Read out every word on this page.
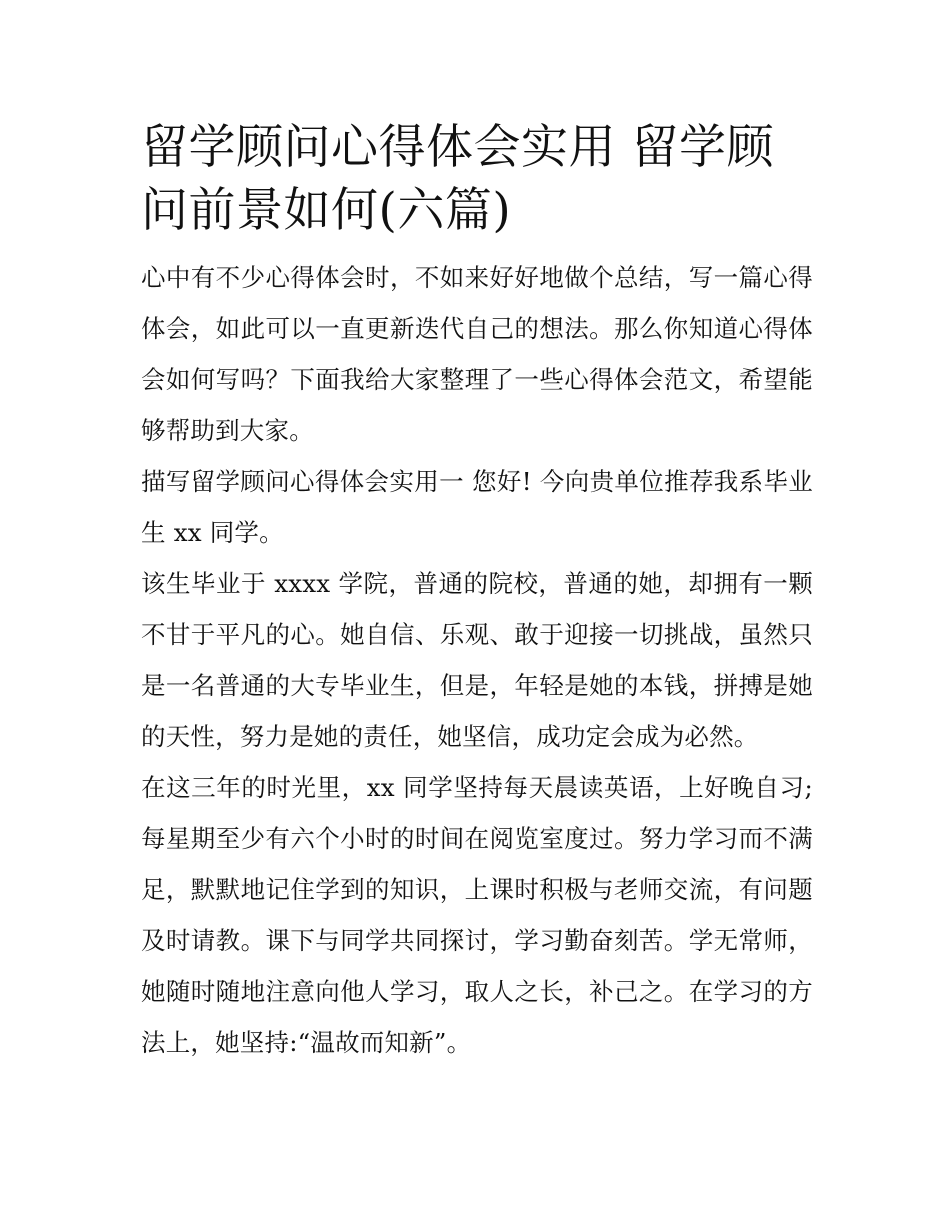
留学顾问心得体会实用 留学顾问前景如何(六篇)

心中有不少心得体会时，不如来好好地做个总结，写一篇心得体会，如此可以一直更新迭代自己的想法。那么你知道心得体会如何写吗？下面我给大家整理了一些心得体会范文，希望能够帮助到大家。

描写留学顾问心得体会实用一 您好! 今向贵单位推荐我系毕业生 xx 同学。

该生毕业于 xxxx 学院，普通的院校，普通的她，却拥有一颗不甘于平凡的心。她自信、乐观、敢于迎接一切挑战，虽然只是一名普通的大专毕业生，但是，年轻是她的本钱，拼搏是她的天性，努力是她的责任，她坚信，成功定会成为必然。

在这三年的时光里，xx 同学坚持每天晨读英语，上好晚自习;每星期至少有六个小时的时间在阅览室度过。努力学习而不满足，默默地记住学到的知识，上课时积极与老师交流，有问题及时请教。课下与同学共同探讨，学习勤奋刻苦。学无常师，她随时随地注意向他人学习，取人之长，补己之。在学习的方法上，她坚持:“温故而知新”。
